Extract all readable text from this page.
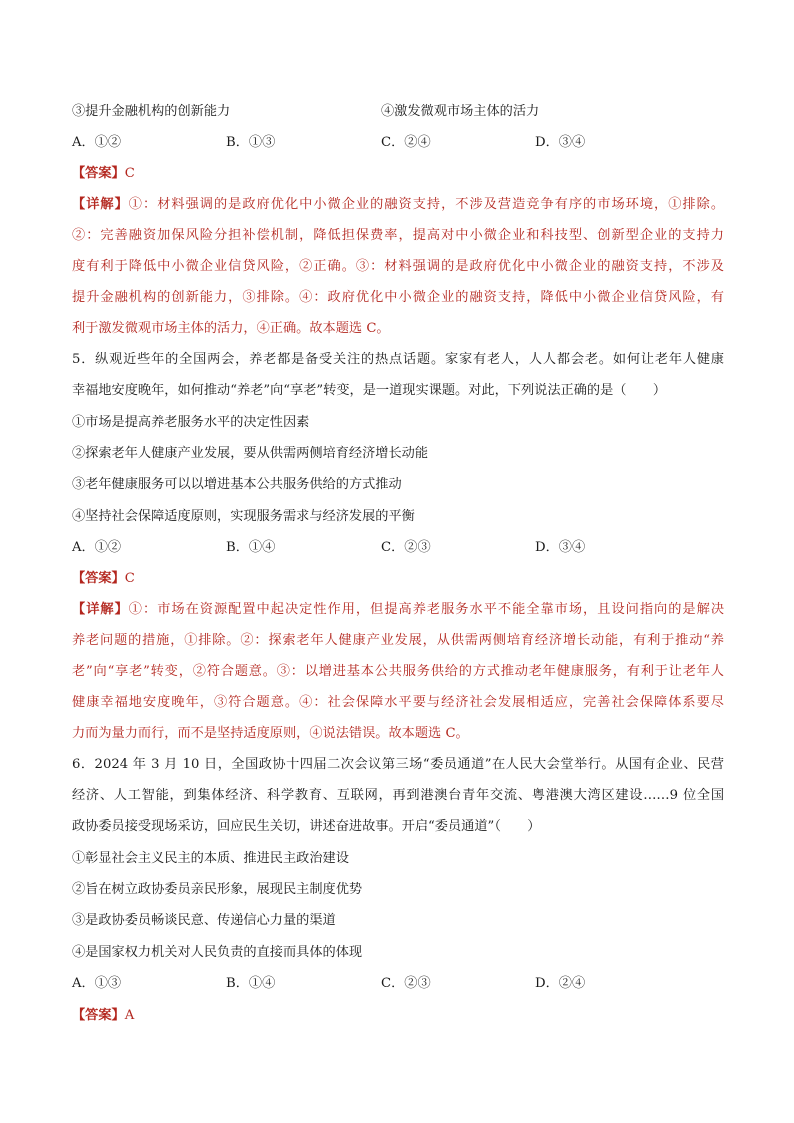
③提升金融机构的创新能力	④激发微观市场主体的活力
A．①②	B．①③	C．②④	D．③④
【答案】C
【详解】①：材料强调的是政府优化中小微企业的融资支持，不涉及营造竞争有序的市场环境，①排除。
②：完善融资加保风险分担补偿机制，降低担保费率，提高对中小微企业和科技型、创新型企业的支持力
度有利于降低中小微企业信贷风险，②正确。③：材料强调的是政府优化中小微企业的融资支持，不涉及
提升金融机构的创新能力，③排除。④：政府优化中小微企业的融资支持，降低中小微企业信贷风险，有
利于激发微观市场主体的活力，④正确。故本题选 C。
5．纵观近些年的全国两会，养老都是备受关注的热点话题。家家有老人，人人都会老。如何让老年人健康
幸福地安度晚年，如何推动“养老”向“享老”转变，是一道现实课题。对此，下列说法正确的是（　　）
①市场是提高养老服务水平的决定性因素
②探索老年人健康产业发展，要从供需两侧培育经济增长动能
③老年健康服务可以以增进基本公共服务供给的方式推动
④坚持社会保障适度原则，实现服务需求与经济发展的平衡
A．①②	B．①④	C．②③	D．③④
【答案】C
【详解】①：市场在资源配置中起决定性作用，但提高养老服务水平不能全靠市场，且设问指向的是解决
养老问题的措施，①排除。②：探索老年人健康产业发展，从供需两侧培育经济增长动能，有利于推动“养
老”向“享老”转变，②符合题意。③：以增进基本公共服务供给的方式推动老年健康服务，有利于让老年人
健康幸福地安度晚年，③符合题意。④：社会保障水平要与经济社会发展相适应，完善社会保障体系要尽
力而为量力而行，而不是坚持适度原则，④说法错误。故本题选 C。
6．2024 年 3 月 10 日，全国政协十四届二次会议第三场“委员通道”在人民大会堂举行。从国有企业、民营
经济、人工智能，到集体经济、科学教育、互联网，再到港澳台青年交流、粤港澳大湾区建设……9 位全国
政协委员接受现场采访，回应民生关切，讲述奋进故事。开启“委员通道”（　　）
①彰显社会主义民主的本质、推进民主政治建设
②旨在树立政协委员亲民形象，展现民主制度优势
③是政协委员畅谈民意、传递信心力量的渠道
④是国家权力机关对人民负责的直接而具体的体现
A．①③	B．①④	C．②③	D．②④
【答案】A
